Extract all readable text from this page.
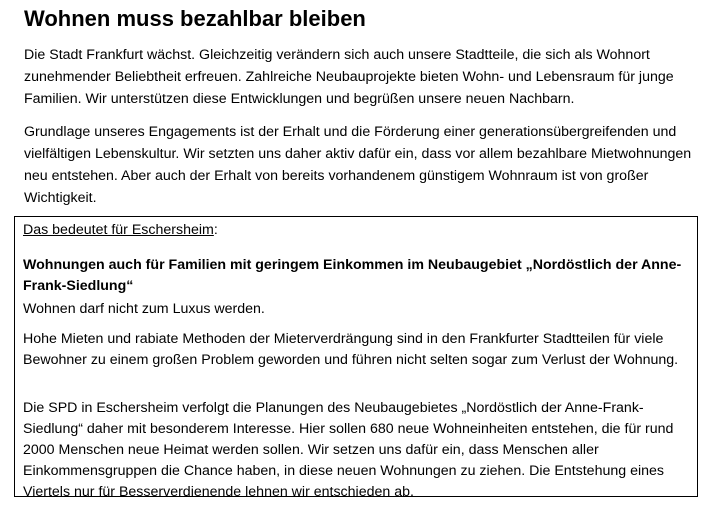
Wohnen muss bezahlbar bleiben

Die Stadt Frankfurt wächst. Gleichzeitig verändern sich auch unsere Stadtteile, die sich als Wohnort zunehmender Beliebtheit erfreuen. Zahlreiche Neubauprojekte bieten Wohn- und Lebensraum für junge Familien. Wir unterstützen diese Entwicklungen und begrüßen unsere neuen Nachbarn.

Grundlage unseres Engagements ist der Erhalt und die Förderung einer generationsübergreifenden und vielfältigen Lebenskultur. Wir setzten uns daher aktiv dafür ein, dass vor allem bezahlbare Mietwohnungen neu entstehen. Aber auch der Erhalt von bereits vorhandenem günstigem Wohnraum ist von großer Wichtigkeit.

Das bedeutet für Eschersheim:

Wohnungen auch für Familien mit geringem Einkommen im Neubaugebiet „Nordöstlich der Anne-Frank-Siedlung“

Wohnen darf nicht zum Luxus werden.

Hohe Mieten und rabiate Methoden der Mieterverdrängung sind in den Frankfurter Stadtteilen für viele Bewohner zu einem großen Problem geworden und führen nicht selten sogar zum Verlust der Wohnung.

Die SPD in Eschersheim verfolgt die Planungen des Neubaugebietes „Nordöstlich der Anne-Frank-Siedlung“ daher mit besonderem Interesse. Hier sollen 680 neue Wohneinheiten entstehen, die für rund 2000 Menschen neue Heimat werden sollen. Wir setzen uns dafür ein, dass Menschen aller Einkommensgruppen die Chance haben, in diese neuen Wohnungen zu ziehen. Die Entstehung eines Viertels nur für Besserverdienende lehnen wir entschieden ab.
